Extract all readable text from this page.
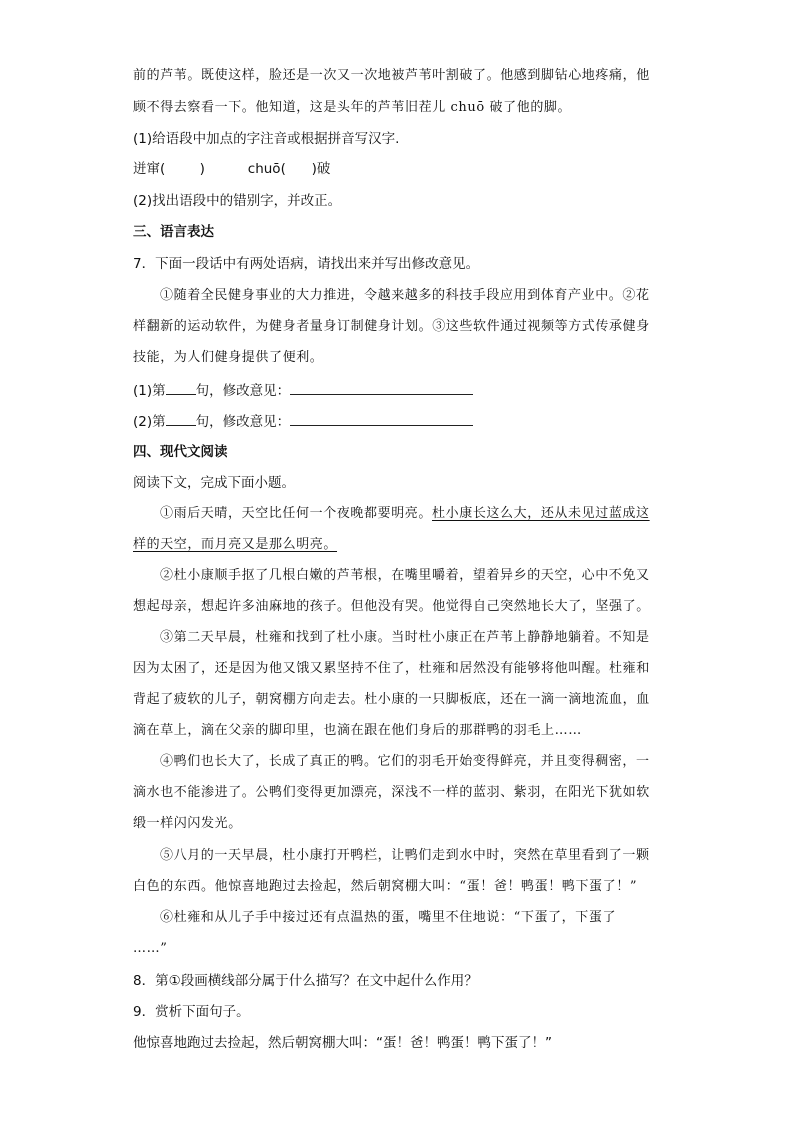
前的芦苇。既使这样，脸还是一次又一次地被芦苇叶割破了。他感到脚钻心地疼痛，他
顾不得去察看一下。他知道，这是头年的芦苇旧茬儿 chuō 破了他的脚。
(1)给语段中加点的字注音或根据拼音写汉字.
迸窜(        )          chuō(      )破
(2)找出语段中的错别字，并改正。
三、语言表达
7．下面一段话中有两处语病，请找出来并写出修改意见。
①随着全民健身事业的大力推进，令越来越多的科技手段应用到体育产业中。②花
样翻新的运动软件，为健身者量身订制健身计划。③这些软件通过视频等方式传承健身
技能，为人们健身提供了便利。
(1)第 句，修改意见：
(2)第 句，修改意见：
四、现代文阅读
阅读下文，完成下面小题。
①雨后天晴，天空比任何一个夜晚都要明亮。杜小康长这么大，还从未见过蓝成这
样的天空，而月亮又是那么明亮。
②杜小康顺手抠了几根白嫩的芦苇根，在嘴里嚼着，望着异乡的天空，心中不免又
想起母亲，想起许多油麻地的孩子。但他没有哭。他觉得自己突然地长大了，坚强了。
③第二天早晨，杜雍和找到了杜小康。当时杜小康正在芦苇上静静地躺着。不知是
因为太困了，还是因为他又饿又累坚持不住了，杜雍和居然没有能够将他叫醒。杜雍和
背起了疲软的儿子，朝窝棚方向走去。杜小康的一只脚板底，还在一滴一滴地流血，血
滴在草上，滴在父亲的脚印里，也滴在跟在他们身后的那群鸭的羽毛上……
④鸭们也长大了，长成了真正的鸭。它们的羽毛开始变得鲜亮，并且变得稠密，一
滴水也不能渗进了。公鸭们变得更加漂亮，深浅不一样的蓝羽、紫羽，在阳光下犹如软
缎一样闪闪发光。
⑤八月的一天早晨，杜小康打开鸭栏，让鸭们走到水中时，突然在草里看到了一颗
白色的东西。他惊喜地跑过去捡起，然后朝窝棚大叫：“蛋！爸！鸭蛋！鸭下蛋了！”
⑥杜雍和从儿子手中接过还有点温热的蛋，嘴里不住地说：“下蛋了，下蛋了
……”
8．第①段画横线部分属于什么描写？在文中起什么作用？
9．赏析下面句子。
他惊喜地跑过去捡起，然后朝窝棚大叫：“蛋！爸！鸭蛋！鸭下蛋了！”
